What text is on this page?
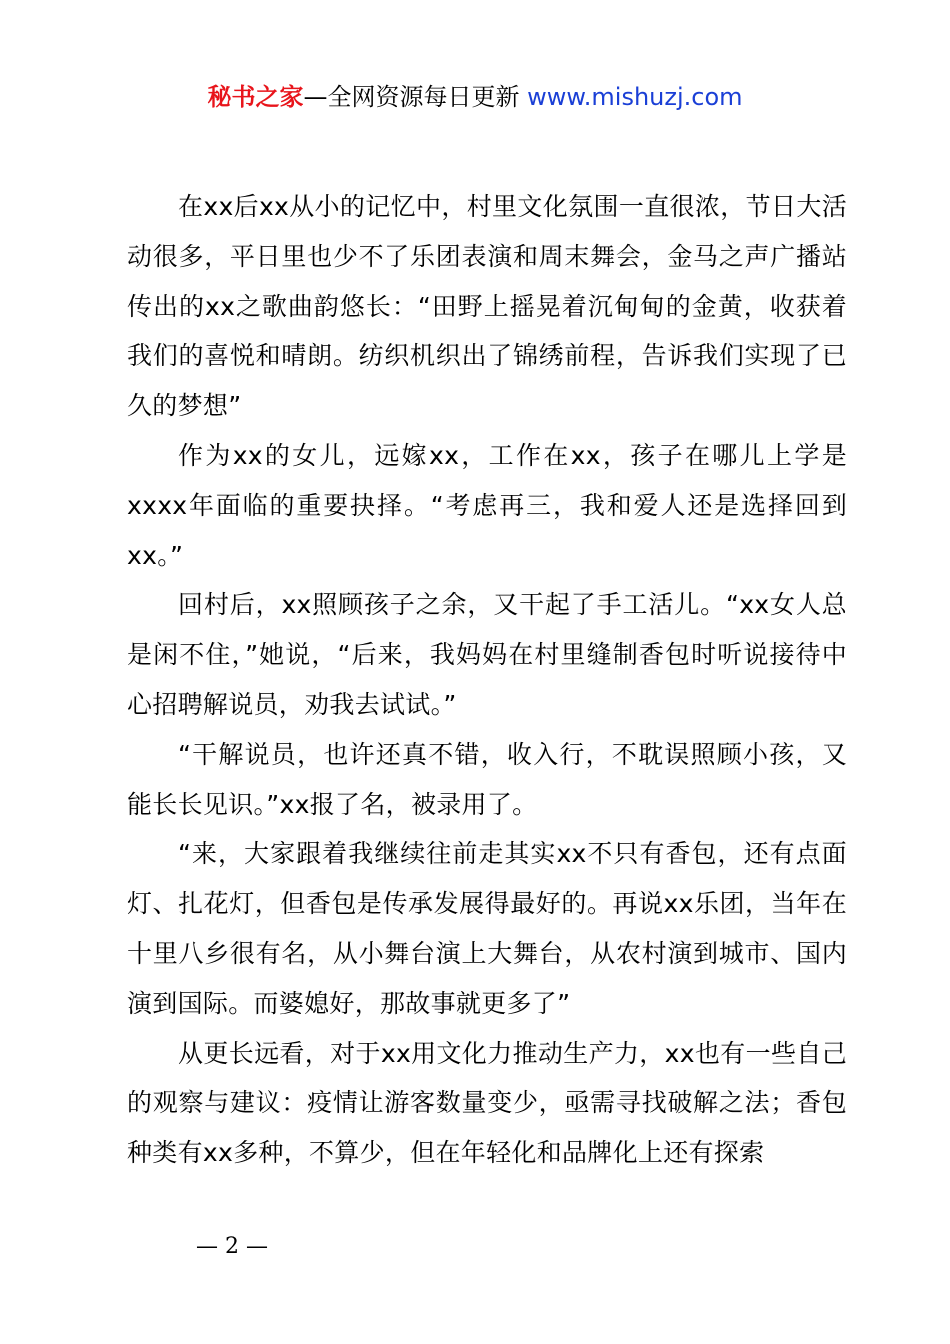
秘书之家—全网资源每日更新 www.mishuzj.com

在xx后xx从小的记忆中，村里文化氛围一直很浓，节日大活动很多，平日里也少不了乐团表演和周末舞会，金马之声广播站传出的xx之歌曲韵悠长：“田野上摇晃着沉甸甸的金黄，收获着我们的喜悦和晴朗。纺织机织出了锦绣前程，告诉我们实现了已久的梦想”

作为xx的女儿，远嫁xx，工作在xx，孩子在哪儿上学是xxxx年面临的重要抉择。“考虑再三，我和爱人还是选择回到xx。”

回村后，xx照顾孩子之余，又干起了手工活儿。“xx女人总是闲不住，”她说，“后来，我妈妈在村里缝制香包时听说接待中心招聘解说员，劝我去试试。”

“干解说员，也许还真不错，收入行，不耽误照顾小孩，又能长长见识。”xx报了名，被录用了。

“来，大家跟着我继续往前走其实xx不只有香包，还有点面灯、扎花灯，但香包是传承发展得最好的。再说xx乐团，当年在十里八乡很有名，从小舞台演上大舞台，从农村演到城市、国内演到国际。而婆媳好，那故事就更多了”

从更长远看，对于xx用文化力推动生产力，xx也有一些自己的观察与建议：疫情让游客数量变少，亟需寻找破解之法；香包种类有xx多种，不算少，但在年轻化和品牌化上还有探索

— 2 —
